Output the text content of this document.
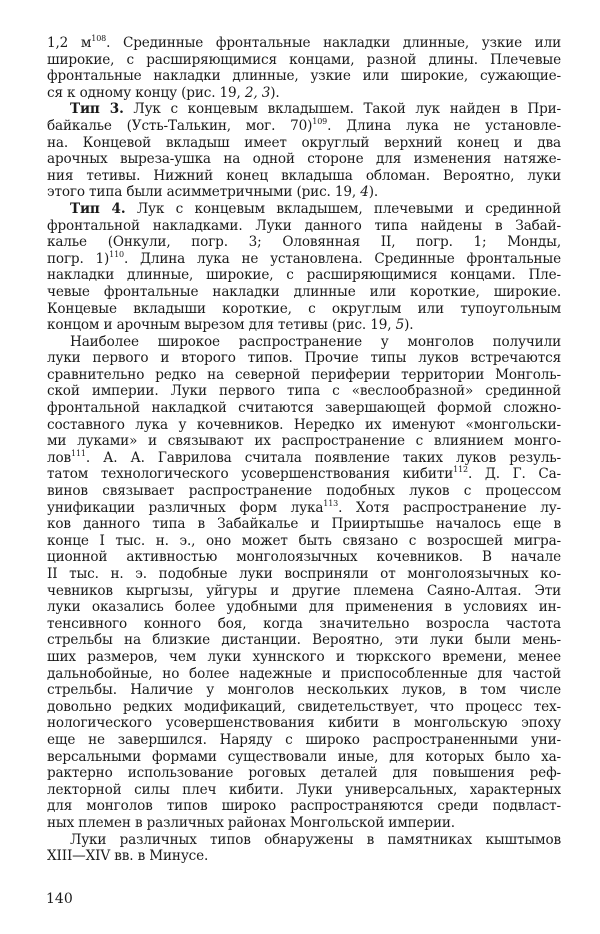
1,2 $м^{108}$. Срединные фронтальные накладки длинные, узкие или
широкие, с расширяющимися концами, разной длины. Плечевые
фронтальные накладки длинные, узкие или широкие, сужающие-
ся к одному концу (рис. 19, 2, 3).
Тип 3. Лук с концевым вкладышем. Такой лук найден в При-
байкалье (Усть-Талькин, мог. 70)$^{109}$. Длина лука не установле-
на. Концевой вкладыш имеет округлый верхний конец и два
арочных выреза-ушка на одной стороне для изменения натяже-
ния тетивы. Нижний конец вкладыша обломан. Вероятно, луки
этого типа были асимметричными (рис. 19, 4).
Тип 4. Лук с концевым вкладышем, плечевыми и срединной
фронтальной накладками. Луки данного типа найдены в Забай-
калье (Онкули, погр. 3; Оловянная II, погр. 1; Монды,
погр. 1)$^{110}$. Длина лука не установлена. Срединные фронтальные
накладки длинные, широкие, с расширяющимися концами. Пле-
чевые фронтальные накладки длинные или короткие, широкие.
Концевые вкладыши короткие, с округлым или тупоугольным
концом и арочным вырезом для тетивы (рис. 19, 5).
Наиболее широкое распространение у монголов получили
луки первого и второго типов. Прочие типы луков встречаются
сравнительно редко на северной периферии территории Монголь-
ской империи. Луки первого типа с «веслообразной» срединной
фронтальной накладкой считаются завершающей формой сложно-
составного лука у кочевников. Нередко их именуют «монгольски-
ми луками» и связывают их распространение с влиянием монго-
лов$^{111}$. А. А. Гаврилова считала появление таких луков резуль-
татом технологического усовершенствования кибити$^{112}$. Д. Г. Са-
винов связывает распространение подобных луков с процессом
унификации различных форм лука$^{113}$. Хотя распространение лу-
ков данного типа в Забайкалье и Прииртышье началось еще в
конце I тыс. н. э., оно может быть связано с возросшей мигра-
ционной активностью монголоязычных кочевников. В начале
II тыс. н. э. подобные луки восприняли от монголоязычных ко-
чевников кыргызы, уйгуры и другие племена Саяно-Алтая. Эти
луки оказались более удобными для применения в условиях ин-
тенсивного конного боя, когда значительно возросла частота
стрельбы на близкие дистанции. Вероятно, эти луки были мень-
ших размеров, чем луки хуннского и тюркского времени, менее
дальнобойные, но более надежные и приспособленные для частой
стрельбы. Наличие у монголов нескольких луков, в том числе
довольно редких модификаций, свидетельствует, что процесс тех-
нологического усовершенствования кибити в монгольскую эпоху
еще не завершился. Наряду с широко распространенными уни-
версальными формами существовали иные, для которых было ха-
рактерно использование роговых деталей для повышения реф-
лекторной силы плеч кибити. Луки универсальных, характерных
для монголов типов широко распространяются среди подвласт-
ных племен в различных районах Монгольской империи.
Луки различных типов обнаружены в памятниках кыштымов
XIII—XIV вв. в Минусе.
140
